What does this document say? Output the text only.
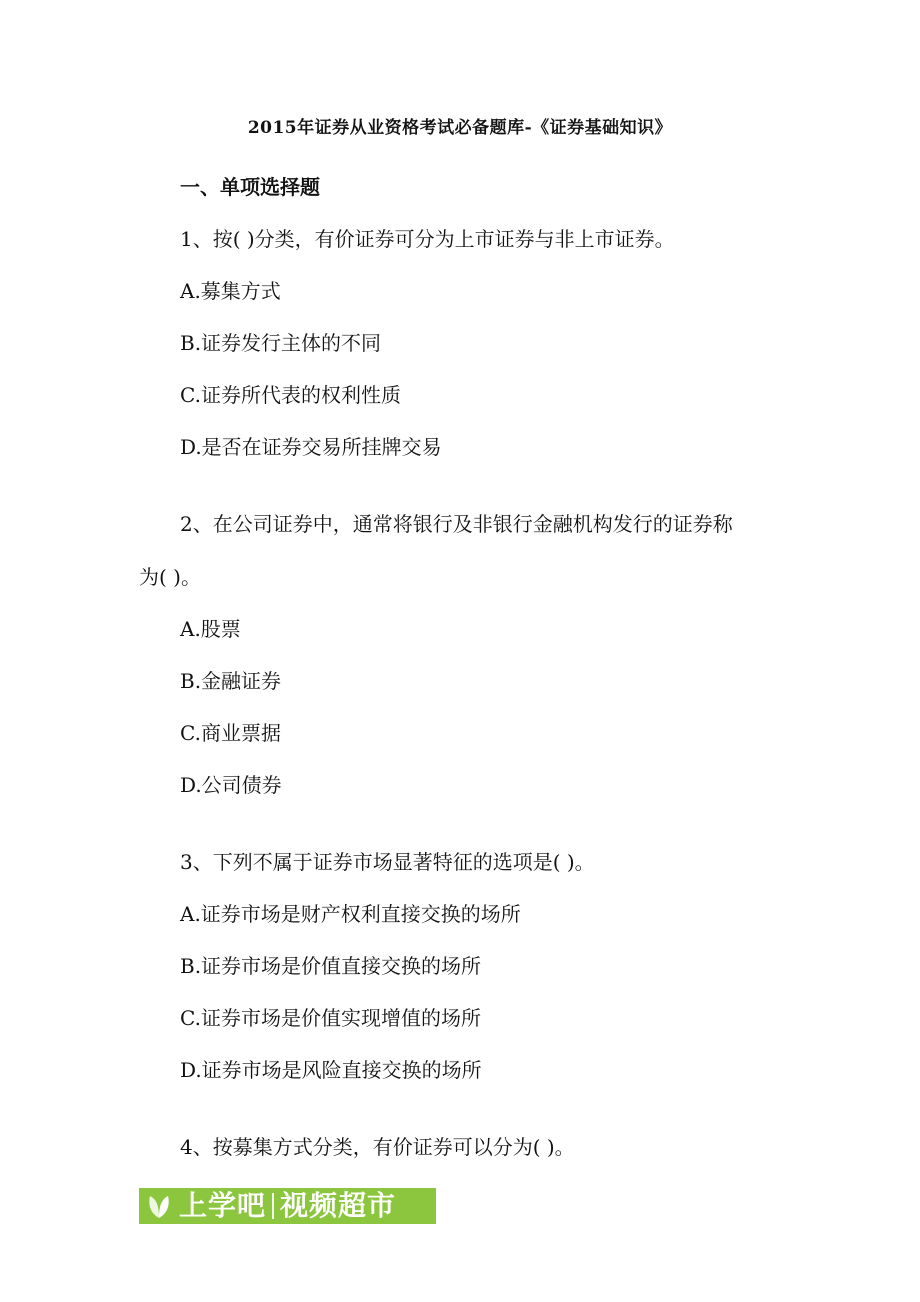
2015年证券从业资格考试必备题库-《证券基础知识》
一、单项选择题
1、按( )分类，有价证券可分为上市证券与非上市证券。
A.募集方式
B.证券发行主体的不同
C.证券所代表的权利性质
D.是否在证券交易所挂牌交易
2、在公司证券中，通常将银行及非银行金融机构发行的证券称
为( )。
A.股票
B.金融证券
C.商业票据
D.公司债券
3、下列不属于证券市场显著特征的选项是( )。
A.证券市场是财产权利直接交换的场所
B.证券市场是价值直接交换的场所
C.证券市场是价值实现增值的场所
D.证券市场是风险直接交换的场所
4、按募集方式分类，有价证券可以分为( )。
上学吧 视频超市
